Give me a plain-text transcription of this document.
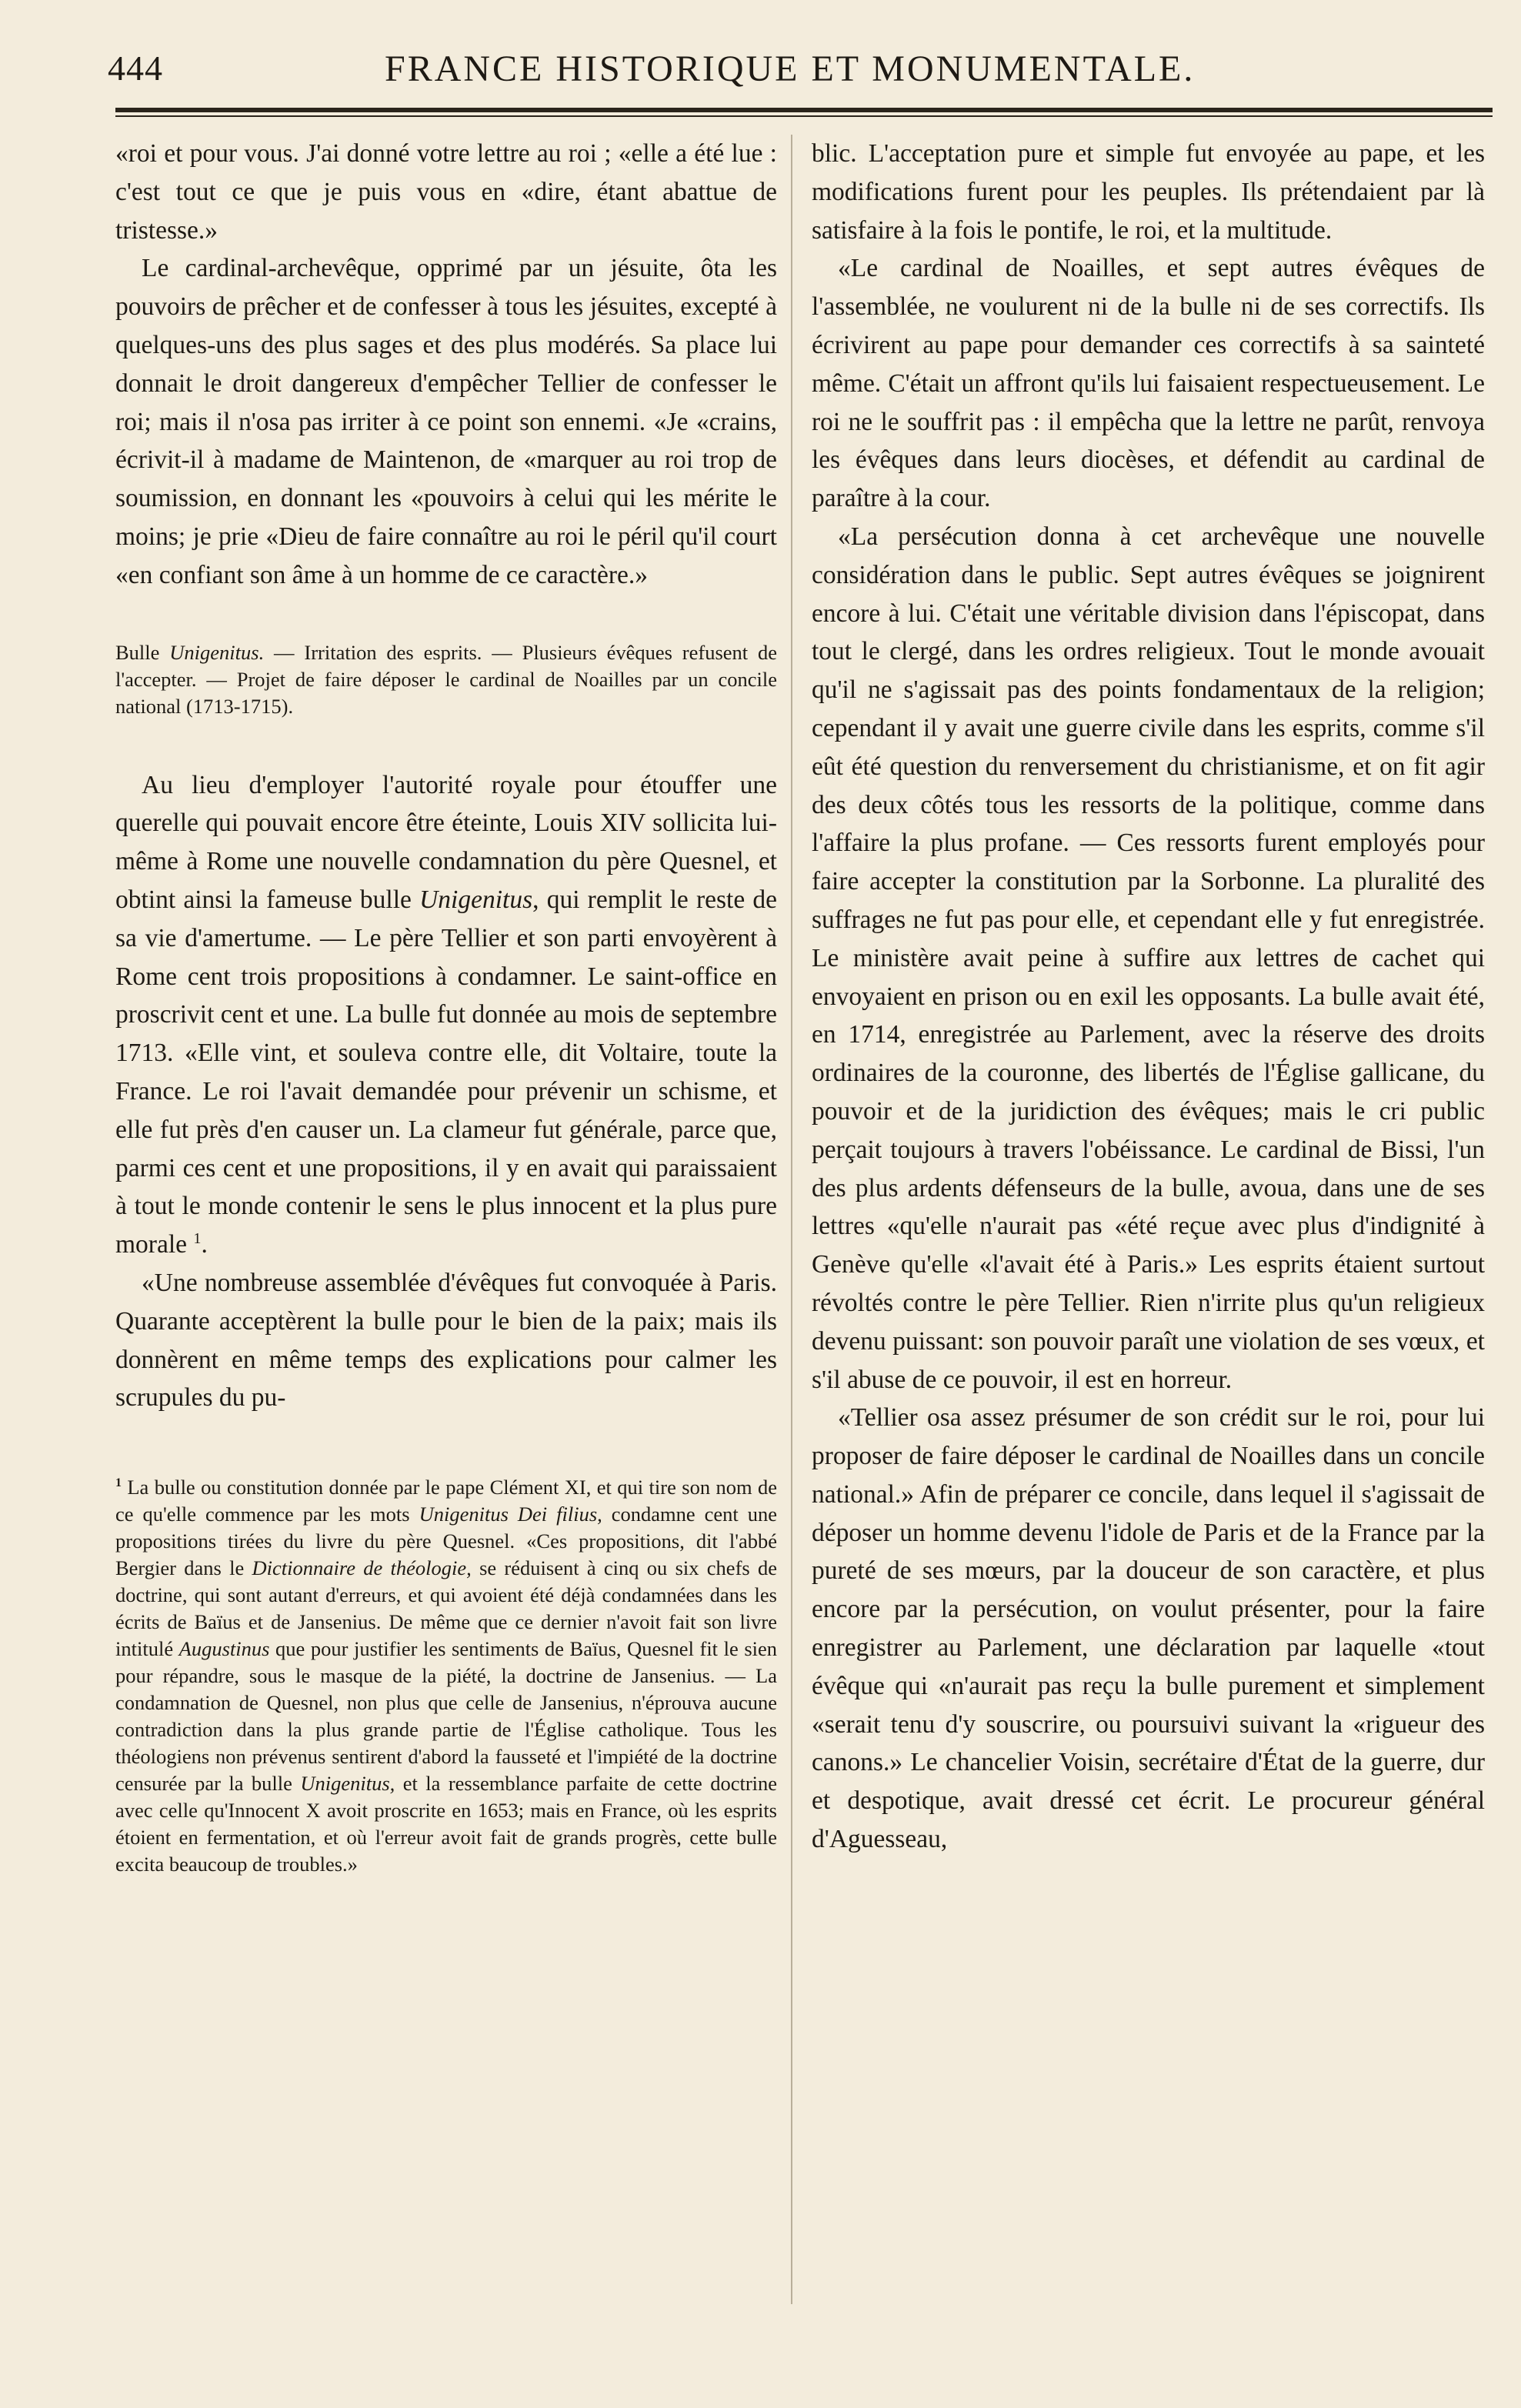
444	FRANCE HISTORIQUE ET MONUMENTALE.

«roi et pour vous. J'ai donné votre lettre au roi ; «elle a été lue : c'est tout ce que je puis vous en «dire, étant abattue de tristesse.»

Le cardinal-archevêque, opprimé par un jésuite, ôta les pouvoirs de prêcher et de confesser à tous les jésuites, excepté à quelques-uns des plus sages et des plus modérés. Sa place lui donnait le droit dangereux d'empêcher Tellier de confesser le roi; mais il n'osa pas irriter à ce point son ennemi. «Je «crains, écrivit-il à madame de Maintenon, de «marquer au roi trop de soumission, en donnant les «pouvoirs à celui qui les mérite le moins; je prie «Dieu de faire connaître au roi le péril qu'il court «en confiant son âme à un homme de ce caractère.»

Bulle Unigenitus. — Irritation des esprits. — Plusieurs évêques refusent de l'accepter. — Projet de faire déposer le cardinal de Noailles par un concile national (1713-1715).

Au lieu d'employer l'autorité royale pour étouffer une querelle qui pouvait encore être éteinte, Louis XIV sollicita lui-même à Rome une nouvelle condamnation du père Quesnel, et obtint ainsi la fameuse bulle Unigenitus, qui remplit le reste de sa vie d'amertume. — Le père Tellier et son parti envoyèrent à Rome cent trois propositions à condamner. Le saint-office en proscrivit cent et une. La bulle fut donnée au mois de septembre 1713. «Elle vint, et souleva contre elle, dit Voltaire, toute la France. Le roi l'avait demandée pour prévenir un schisme, et elle fut près d'en causer un. La clameur fut générale, parce que, parmi ces cent et une propositions, il y en avait qui paraissaient à tout le monde contenir le sens le plus innocent et la plus pure morale $^1$.

«Une nombreuse assemblée d'évêques fut convoquée à Paris. Quarante acceptèrent la bulle pour le bien de la paix; mais ils donnèrent en même temps des explications pour calmer les scrupules du pu-

$^1$ La bulle ou constitution donnée par le pape Clément XI, et qui tire son nom de ce qu'elle commence par les mots Unigenitus Dei filius, condamne cent une propositions tirées du livre du père Quesnel. «Ces propositions, dit l'abbé Bergier dans le Dictionnaire de théologie, se réduisent à cinq ou six chefs de doctrine, qui sont autant d'erreurs, et qui avoient été déjà condamnées dans les écrits de Baïus et de Jansenius. De même que ce dernier n'avoit fait son livre intitulé Augustinus que pour justifier les sentiments de Baïus, Quesnel fit le sien pour répandre, sous le masque de la piété, la doctrine de Jansenius. — La condamnation de Quesnel, non plus que celle de Jansenius, n'éprouva aucune contradiction dans la plus grande partie de l'Église catholique. Tous les théologiens non prévenus sentirent d'abord la fausseté et l'impiété de la doctrine censurée par la bulle Unigenitus, et la ressemblance parfaite de cette doctrine avec celle qu'Innocent X avoit proscrite en 1653; mais en France, où les esprits étoient en fermentation, et où l'erreur avoit fait de grands progrès, cette bulle excita beaucoup de troubles.»

blic. L'acceptation pure et simple fut envoyée au pape, et les modifications furent pour les peuples. Ils prétendaient par là satisfaire à la fois le pontife, le roi, et la multitude.

«Le cardinal de Noailles, et sept autres évêques de l'assemblée, ne voulurent ni de la bulle ni de ses correctifs. Ils écrivirent au pape pour demander ces correctifs à sa sainteté même. C'était un affront qu'ils lui faisaient respectueusement. Le roi ne le souffrit pas : il empêcha que la lettre ne parût, renvoya les évêques dans leurs diocèses, et défendit au cardinal de paraître à la cour.

«La persécution donna à cet archevêque une nouvelle considération dans le public. Sept autres évêques se joignirent encore à lui. C'était une véritable division dans l'épiscopat, dans tout le clergé, dans les ordres religieux. Tout le monde avouait qu'il ne s'agissait pas des points fondamentaux de la religion; cependant il y avait une guerre civile dans les esprits, comme s'il eût été question du renversement du christianisme, et on fit agir des deux côtés tous les ressorts de la politique, comme dans l'affaire la plus profane. — Ces ressorts furent employés pour faire accepter la constitution par la Sorbonne. La pluralité des suffrages ne fut pas pour elle, et cependant elle y fut enregistrée. Le ministère avait peine à suffire aux lettres de cachet qui envoyaient en prison ou en exil les opposants. La bulle avait été, en 1714, enregistrée au Parlement, avec la réserve des droits ordinaires de la couronne, des libertés de l'Église gallicane, du pouvoir et de la juridiction des évêques; mais le cri public perçait toujours à travers l'obéissance. Le cardinal de Bissi, l'un des plus ardents défenseurs de la bulle, avoua, dans une de ses lettres «qu'elle n'aurait pas «été reçue avec plus d'indignité à Genève qu'elle «l'avait été à Paris.» Les esprits étaient surtout révoltés contre le père Tellier. Rien n'irrite plus qu'un religieux devenu puissant: son pouvoir paraît une violation de ses vœux, et s'il abuse de ce pouvoir, il est en horreur.

«Tellier osa assez présumer de son crédit sur le roi, pour lui proposer de faire déposer le cardinal de Noailles dans un concile national.» Afin de préparer ce concile, dans lequel il s'agissait de déposer un homme devenu l'idole de Paris et de la France par la pureté de ses mœurs, par la douceur de son caractère, et plus encore par la persécution, on voulut présenter, pour la faire enregistrer au Parlement, une déclaration par laquelle «tout évêque qui «n'aurait pas reçu la bulle purement et simplement «serait tenu d'y souscrire, ou poursuivi suivant la «rigueur des canons.» Le chancelier Voisin, secrétaire d'État de la guerre, dur et despotique, avait dressé cet écrit. Le procureur général d'Aguesseau,
